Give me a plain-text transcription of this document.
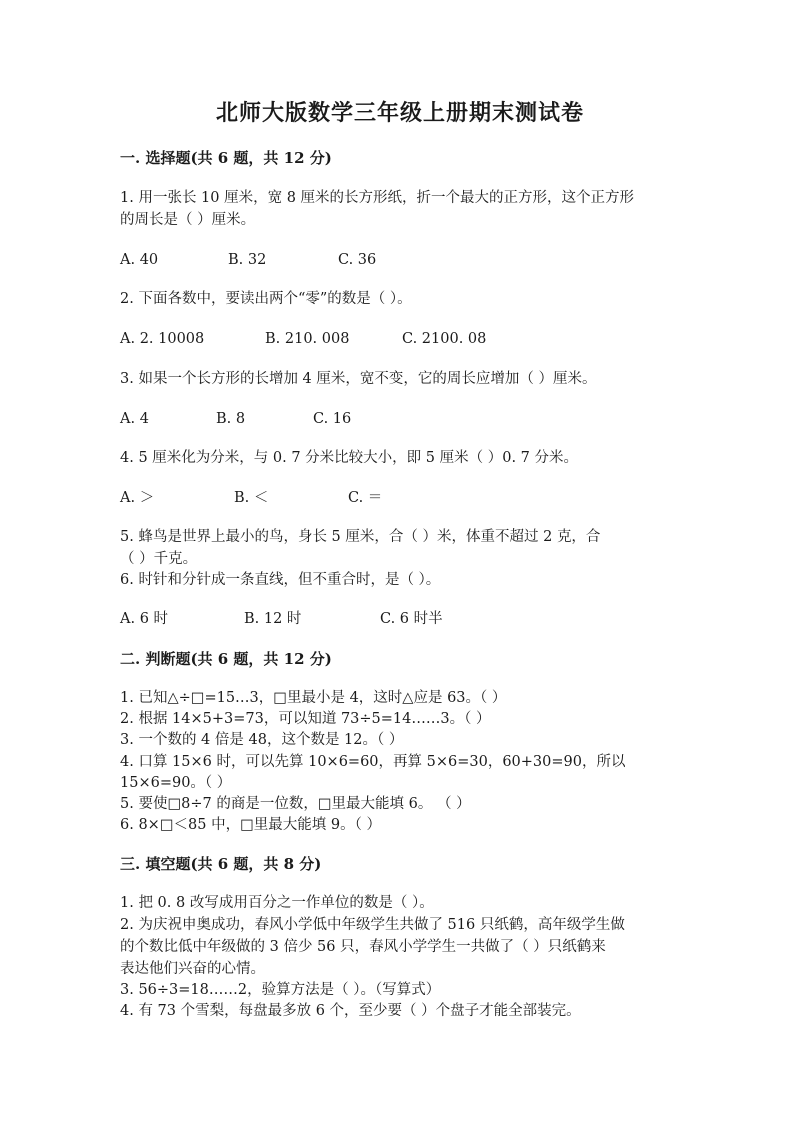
北师大版数学三年级上册期末测试卷
一. 选择题(共 6 题，共 12 分)
1. 用一张长 10 厘米，宽 8 厘米的长方形纸，折一个最大的正方形，这个正方形
的周长是（ ）厘米。
A. 40	B. 32	C. 36
2. 下面各数中，要读出两个“零”的数是（ ）。
A. 2. 10008	B. 210. 008	C. 2100. 08
3. 如果一个长方形的长增加 4 厘米，宽不变，它的周长应增加（ ）厘米。
A. 4	B. 8	C. 16
4. 5 厘米化为分米，与 0. 7 分米比较大小，即 5 厘米（ ）0. 7 分米。
A. ＞	B. ＜	C. ＝
5. 蜂鸟是世界上最小的鸟，身长 5 厘米，合（ ）米，体重不超过 2 克，合
（ ）千克。
6. 时针和分针成一条直线，但不重合时，是（ ）。
A. 6 时	B. 12 时	C. 6 时半
二. 判断题(共 6 题，共 12 分)
1. 已知△÷□=15…3，□里最小是 4，这时△应是 63。（ ）
2. 根据 14×5+3=73，可以知道 73÷5=14……3。（ ）
3. 一个数的 4 倍是 48，这个数是 12。（ ）
4. 口算 15×6 时，可以先算 10×6=60，再算 5×6=30，60+30=90，所以
15×6=90。（ ）
5. 要使□8÷7 的商是一位数，□里最大能填 6。 （ ）
6. 8×□＜85 中，□里最大能填 9。（ ）
三. 填空题(共 6 题，共 8 分)
1. 把 0. 8 改写成用百分之一作单位的数是（ ）。
2. 为庆祝申奥成功，春风小学低中年级学生共做了 516 只纸鹤，高年级学生做
的个数比低中年级做的 3 倍少 56 只，春风小学学生一共做了（ ）只纸鹤来
表达他们兴奋的心情。
3. 56÷3=18……2，验算方法是（ ）。（写算式）
4. 有 73 个雪梨，每盘最多放 6 个，至少要（ ）个盘子才能全部装完。
